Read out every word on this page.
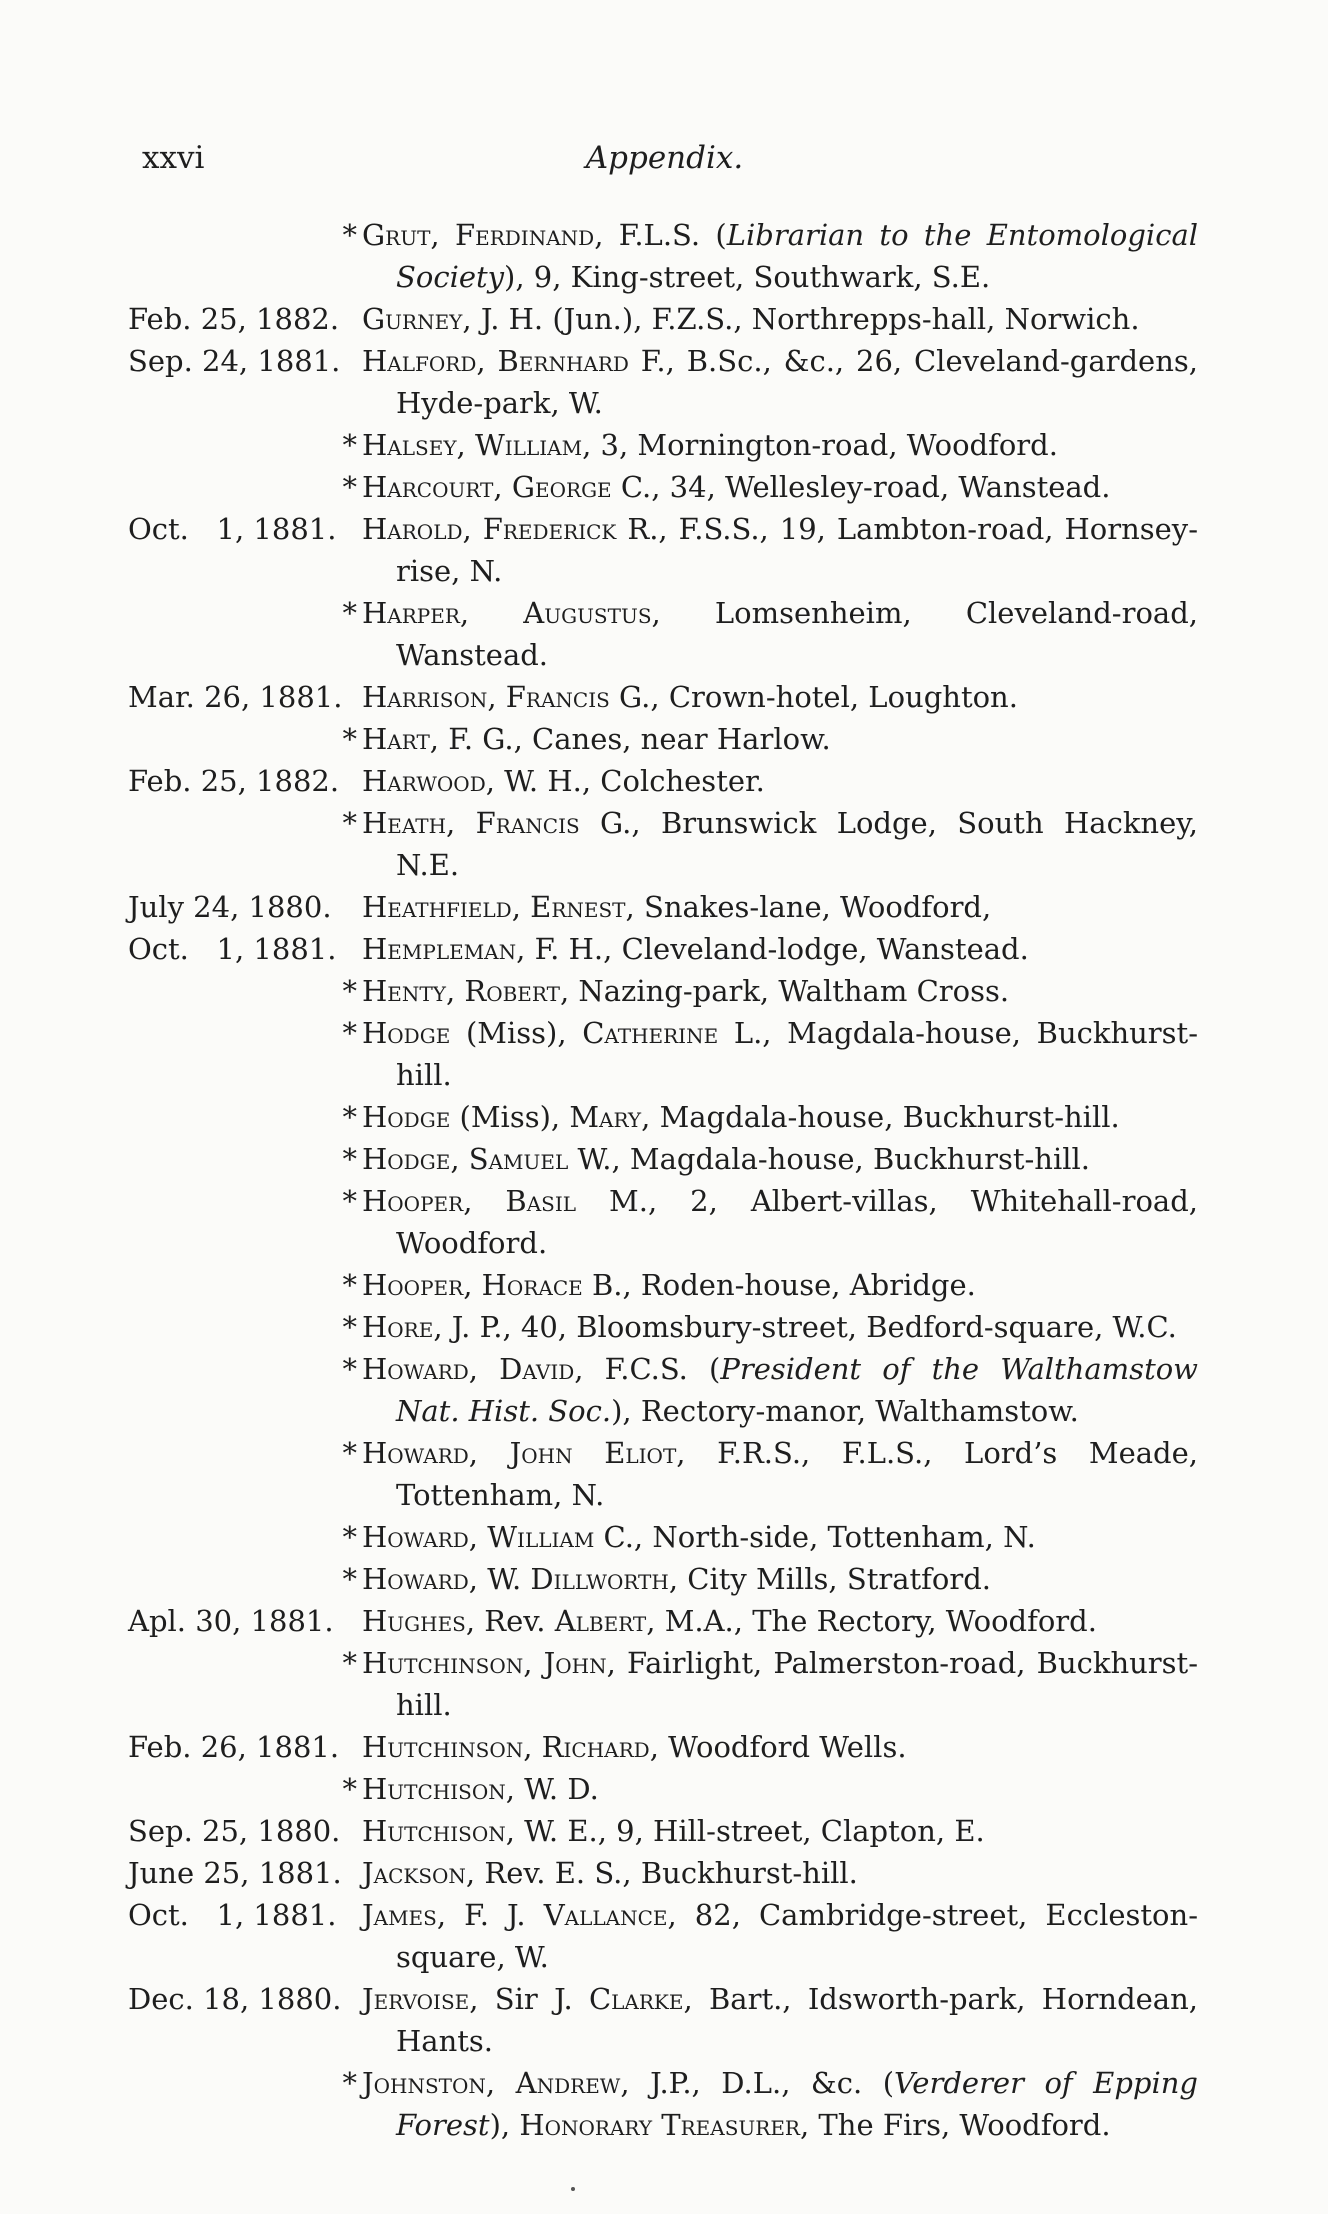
xxvi	Appendix.
* Grut, Ferdinand, F.L.S. (Librarian to the Entomological Society), 9, King-street, Southwark, S.E.
Feb. 25, 1882. Gurney, J. H. (Jun.), F.Z.S., Northrepps-hall, Norwich.
Sep. 24, 1881. Halford, Bernhard F., B.Sc., &c., 26, Cleveland-gardens, Hyde-park, W.
* Halsey, William, 3, Mornington-road, Woodford.
* Harcourt, George C., 34, Wellesley-road, Wanstead.
Oct.   1, 1881. Harold, Frederick R., F.S.S., 19, Lambton-road, Hornsey-rise, N.
* Harper, Augustus, Lomsenheim, Cleveland-road, Wanstead.
Mar. 26, 1881. Harrison, Francis G., Crown-hotel, Loughton.
* Hart, F. G., Canes, near Harlow.
Feb. 25, 1882. Harwood, W. H., Colchester.
* Heath, Francis G., Brunswick Lodge, South Hackney, N.E.
July 24, 1880. Heathfield, Ernest, Snakes-lane, Woodford,
Oct.   1, 1881. Hempleman, F. H., Cleveland-lodge, Wanstead.
* Henty, Robert, Nazing-park, Waltham Cross.
* Hodge (Miss), Catherine L., Magdala-house, Buckhurst-hill.
* Hodge (Miss), Mary, Magdala-house, Buckhurst-hill.
* Hodge, Samuel W., Magdala-house, Buckhurst-hill.
* Hooper, Basil M., 2, Albert-villas, Whitehall-road, Woodford.
* Hooper, Horace B., Roden-house, Abridge.
* Hore, J. P., 40, Bloomsbury-street, Bedford-square, W.C.
* Howard, David, F.C.S. (President of the Walthamstow Nat. Hist. Soc.), Rectory-manor, Walthamstow.
* Howard, John Eliot, F.R.S., F.L.S., Lord’s Meade, Tottenham, N.
* Howard, William C., North-side, Tottenham, N.
* Howard, W. Dillworth, City Mills, Stratford.
Apl. 30, 1881. Hughes, Rev. Albert, M.A., The Rectory, Woodford.
* Hutchinson, John, Fairlight, Palmerston-road, Buckhurst-hill.
Feb. 26, 1881. Hutchinson, Richard, Woodford Wells.
* Hutchison, W. D.
Sep. 25, 1880. Hutchison, W. E., 9, Hill-street, Clapton, E.
June 25, 1881. Jackson, Rev. E. S., Buckhurst-hill.
Oct.   1, 1881. James, F. J. Vallance, 82, Cambridge-street, Eccleston-square, W.
Dec. 18, 1880. Jervoise, Sir J. Clarke, Bart., Idsworth-park, Horndean, Hants.
* Johnston, Andrew, J.P., D.L., &c. (Verderer of Epping Forest), Honorary Treasurer, The Firs, Woodford.
